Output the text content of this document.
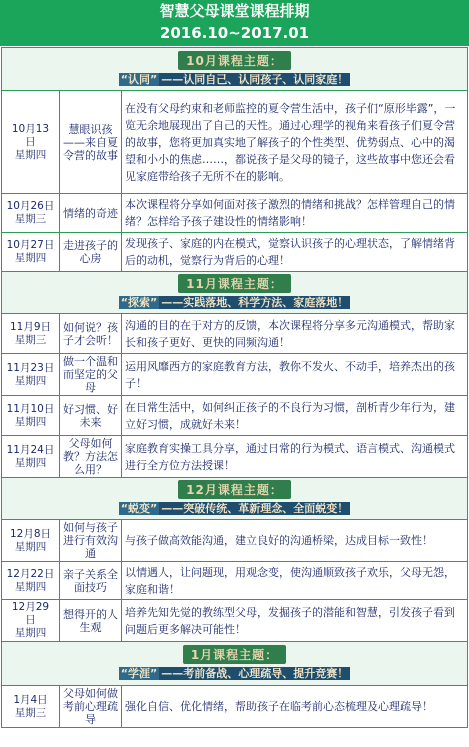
智慧父母课堂课程排期
2016.10~2017.01
10月课程主题：
“认同” ——认同自己、认同孩子、认同家庭！		

10月13
日
星期四	慧眼识孩——来自夏令营的故事	在没有父母约束和老师监控的夏令营生活中，孩子们“原形毕露”，一览无余地展现出了自己的天性。通过心理学的视角来看孩子们夏令营的故事，您将更加真实地了解孩子的个性类型、优势弱点、心中的渴望和小小的焦虑……，都说孩子是父母的镜子，这些故事中您还会看见家庭带给孩子无所不在的影响。

10月26日
星期三	情绪的奇迹	本次课程将分享如何面对孩子激烈的情绪和挑战？怎样管理自己的情绪？怎样给予孩子建设性的情绪影响！

10月27日
星期四	走进孩子的心房	发现孩子、家庭的内在模式，觉察认识孩子的心理状态，了解情绪背后的动机，觉察行为背后的心理！
11月课程主题：
“探索” ——实践落地、科学方法、家庭落地！		

11月9日
星期三	如何说？孩子才会听！	沟通的目的在于对方的反馈，本次课程将分享多元沟通模式，帮助家长和孩子更好、更快的同频沟通！

11月23日
星期四	做一个温和而坚定的父母	运用风靡西方的家庭教育方法，教你不发火、不动手，培养杰出的孩子！

11月10日
星期四	好习惯、好未来	在日常生活中，如何纠正孩子的不良行为习惯，剖析青少年行为，建立好习惯，成就好未来！

11月24日
星期四	父母如何教？方法怎么用？	家庭教育实操工具分享，通过日常的行为模式、语言模式、沟通模式进行全方位方法授课！
12月课程主题：
“蜕变” ——突破传统、革新理念、全面蜕变！		

12月8日
星期四	如何与孩子进行有效沟通	与孩子做高效能沟通，建立良好的沟通桥梁，达成目标一致性！

12月22日
星期四	亲子关系全面技巧	以情遇人，让问题现，用观念变，使沟通顺致孩子欢乐，父母无怨，家庭和谐！

12月29
日
星期四	想得开的人生观	培养先知先觉的教练型父母，发掘孩子的潜能和智慧，引发孩子看到问题后更多解决可能性！
1月课程主题：
“学涯” ——考前备战、心理疏导、提升竞赛！		

1月4日
星期三	父母如何做考前心理疏导	强化自信、优化情绪，帮助孩子在临考前心态梳理及心理疏导！
